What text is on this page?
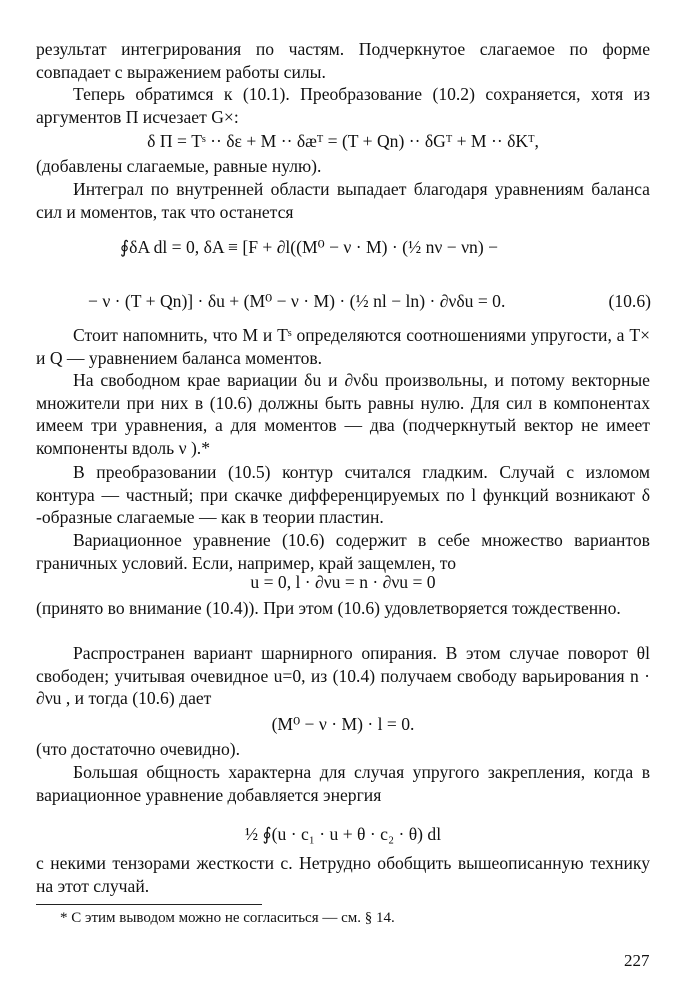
результат интегрирования по частям. Подчеркнутое слагаемое по форме совпадает с выражением работы силы.

Теперь обратимся к (10.1). Преобразование (10.2) сохраняется, хотя из аргументов П исчезает G×:

δ П = Tˢ ·· δε + M ·· δæᵀ = (T + Qn) ·· δGᵀ + M ·· δKᵀ,

(добавлены слагаемые, равные нулю).

Интеграл по внутренней области выпадает благодаря уравнениям баланса сил и моментов, так что останется

∮δA dl = 0, δA ≡ [F + ∂l((M⁰ − ν · M) · (½ nν − νn) −

− ν · (T + Qn)] · δu + (M⁰ − ν · M) · (½ nl − ln) · ∂νδu = 0.	(10.6)

Стоит напомнить, что M и Tˢ определяются соотношениями упругости, а T× и Q — уравнением баланса моментов.

На свободном крае вариации δu и ∂νδu произвольны, и потому векторные множители при них в (10.6) должны быть равны нулю. Для сил в компонентах имеем три уравнения, а для моментов — два (подчеркнутый вектор не имеет компоненты вдоль ν ).*

В преобразовании (10.5) контур считался гладким. Случай с изломом контура — частный; при скачке дифференцируемых по l функций возникают δ -образные слагаемые — как в теории пластин.

Вариационное уравнение (10.6) содержит в себе множество вариантов граничных условий. Если, например, край защемлен, то

u = 0, l · ∂νu = n · ∂νu = 0

(принято во внимание (10.4)). При этом (10.6) удовлетворяется тождественно.

Распространен вариант шарнирного опирания. В этом случае поворот θl свободен; учитывая очевидное u=0, из (10.4) получаем свободу варьирования n · ∂νu , и тогда (10.6) дает

(M⁰ − ν · M) · l = 0.

(что достаточно очевидно).

Большая общность характерна для случая упругого закрепления, когда в вариационное уравнение добавляется энергия

½ ∮(u · c₁ · u + θ · c₂ · θ) dl

с некими тензорами жесткости c. Нетрудно обобщить вышеописанную технику на этот случай.

* С этим выводом можно не согласиться — см. § 14.

227
